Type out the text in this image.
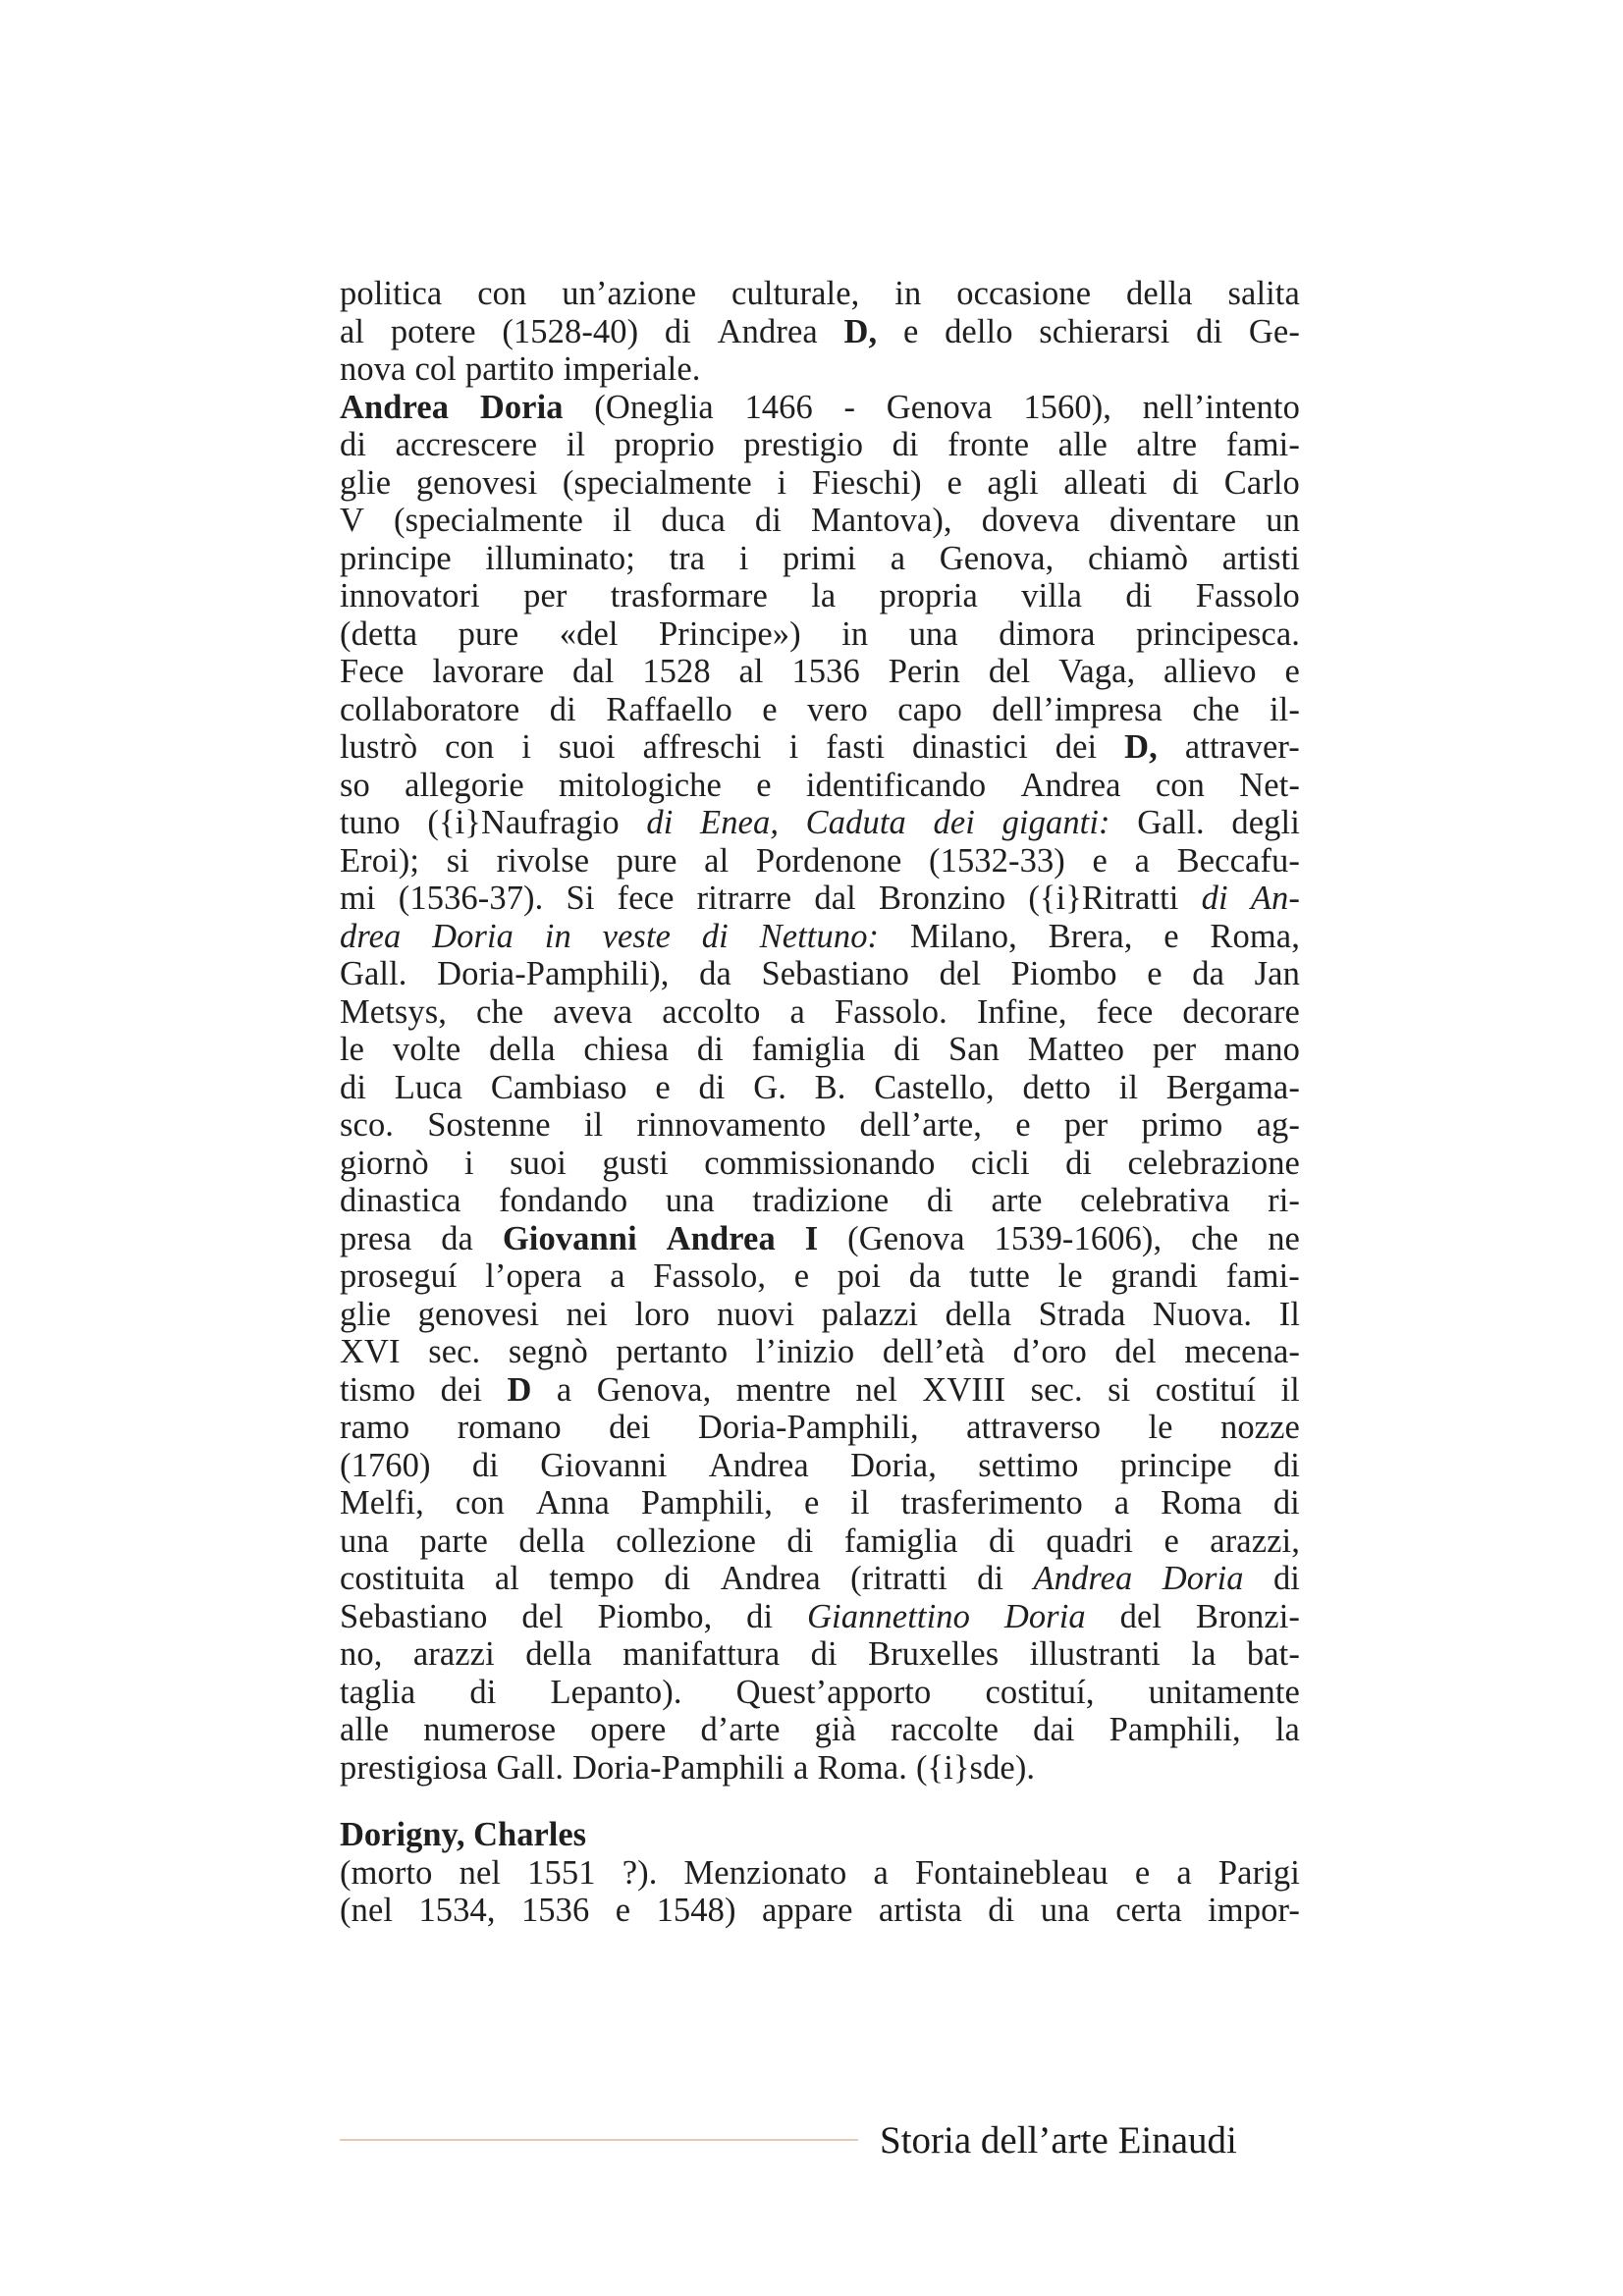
politica con un’azione culturale, in occasione della salita
al potere (1528-40) di Andrea D, e dello schierarsi di Ge-
nova col partito imperiale.
Andrea Doria (Oneglia 1466 - Genova 1560), nell’intento
di accrescere il proprio prestigio di fronte alle altre fami-
glie genovesi (specialmente i Fieschi) e agli alleati di Carlo
V (specialmente il duca di Mantova), doveva diventare un
principe illuminato; tra i primi a Genova, chiamò artisti
innovatori per trasformare la propria villa di Fassolo
(detta pure «del Principe») in una dimora principesca.
Fece lavorare dal 1528 al 1536 Perin del Vaga, allievo e
collaboratore di Raffaello e vero capo dell’impresa che il-
lustrò con i suoi affreschi i fasti dinastici dei D, attraver-
so allegorie mitologiche e identificando Andrea con Net-
tuno ({i}Naufragio di Enea, Caduta dei giganti: Gall. degli
Eroi); si rivolse pure al Pordenone (1532-33) e a Beccafu-
mi (1536-37). Si fece ritrarre dal Bronzino ({i}Ritratti di An-
drea Doria in veste di Nettuno: Milano, Brera, e Roma,
Gall. Doria-Pamphili), da Sebastiano del Piombo e da Jan
Metsys, che aveva accolto a Fassolo. Infine, fece decorare
le volte della chiesa di famiglia di San Matteo per mano
di Luca Cambiaso e di G. B. Castello, detto il Bergama-
sco. Sostenne il rinnovamento dell’arte, e per primo ag-
giornò i suoi gusti commissionando cicli di celebrazione
dinastica fondando una tradizione di arte celebrativa ri-
presa da Giovanni Andrea I (Genova 1539-1606), che ne
proseguí l’opera a Fassolo, e poi da tutte le grandi fami-
glie genovesi nei loro nuovi palazzi della Strada Nuova. Il
XVI sec. segnò pertanto l’inizio dell’età d’oro del mecena-
tismo dei D a Genova, mentre nel XVIII sec. si costituí il
ramo romano dei Doria-Pamphili, attraverso le nozze
(1760) di Giovanni Andrea Doria, settimo principe di
Melfi, con Anna Pamphili, e il trasferimento a Roma di
una parte della collezione di famiglia di quadri e arazzi,
costituita al tempo di Andrea (ritratti di Andrea Doria di
Sebastiano del Piombo, di Giannettino Doria del Bronzi-
no, arazzi della manifattura di Bruxelles illustranti la bat-
taglia di Lepanto). Quest’apporto costituí, unitamente
alle numerose opere d’arte già raccolte dai Pamphili, la
prestigiosa Gall. Doria-Pamphili a Roma. ({i}sde).
Dorigny, Charles
(morto nel 1551 ?). Menzionato a Fontainebleau e a Parigi
(nel 1534, 1536 e 1548) appare artista di una certa impor-
Storia dell’arte Einaudi
